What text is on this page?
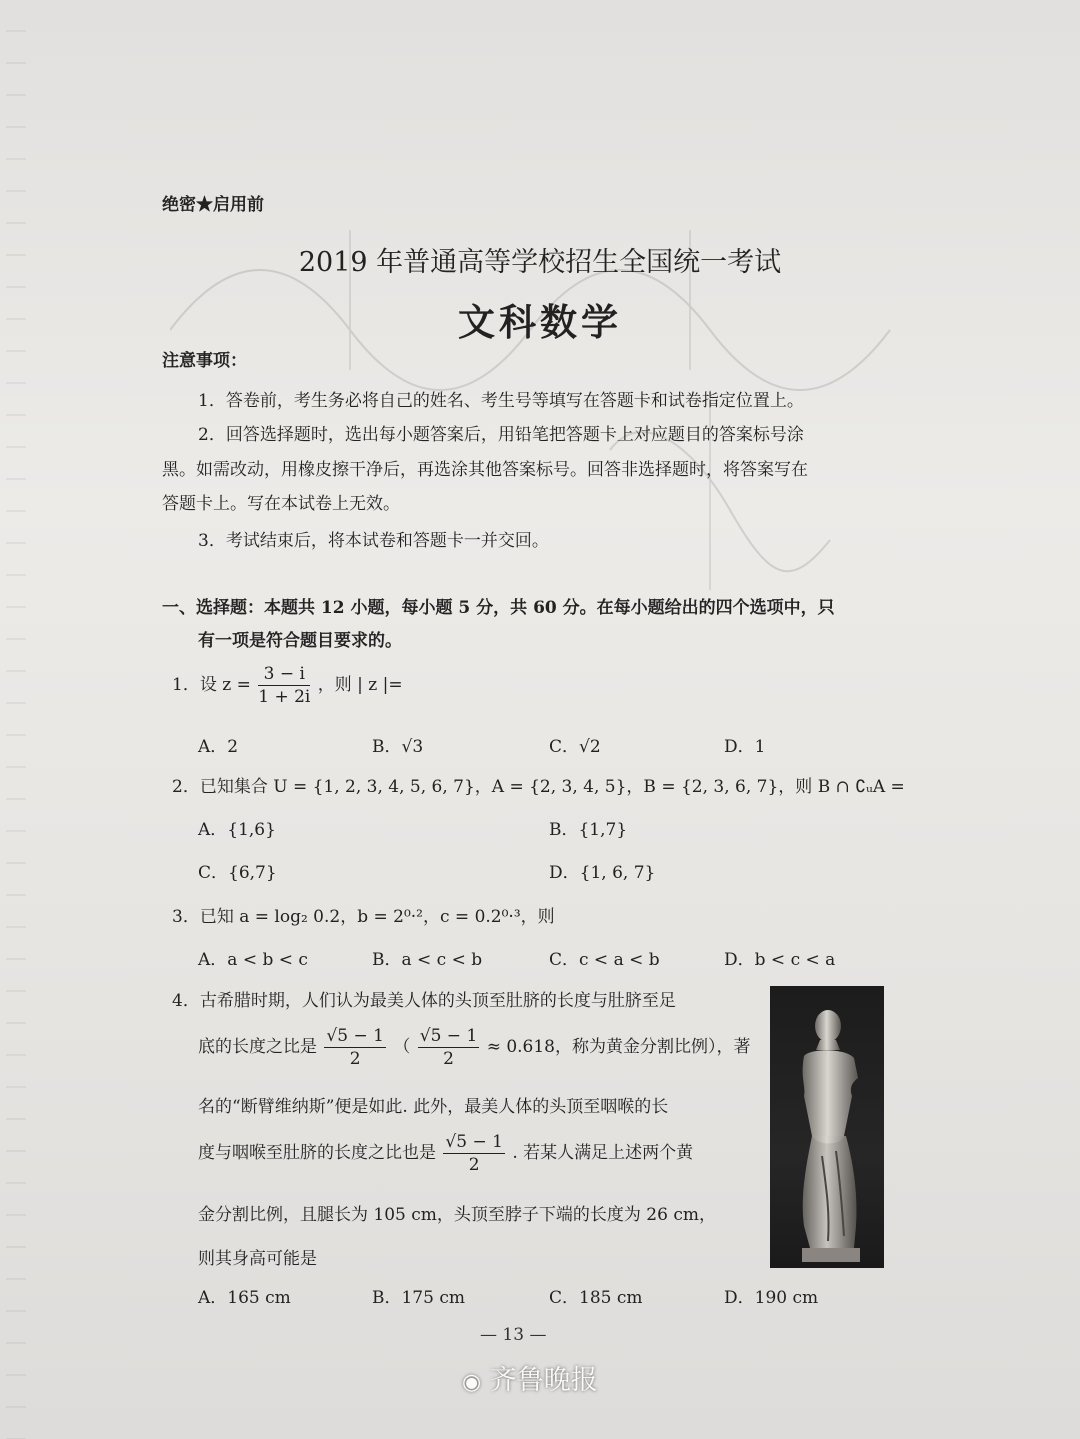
绝密★启用前
2019 年普通高等学校招生全国统一考试
文科数学
注意事项：
1．答卷前，考生务必将自己的姓名、考生号等填写在答题卡和试卷指定位置上。
2．回答选择题时，选出每小题答案后，用铅笔把答题卡上对应题目的答案标号涂
黑。如需改动，用橡皮擦干净后，再选涂其他答案标号。回答非选择题时，将答案写在
答题卡上。写在本试卷上无效。
3．考试结束后，将本试卷和答题卡一并交回。
一、选择题：本题共 12 小题，每小题 5 分，共 60 分。在每小题给出的四个选项中，只
有一项是符合题目要求的。
1．设 $z = \frac{3 - i}{1 + 2i}$ ，则 | z |=
A．2	B．√3	C．√2	D．1
2．已知集合 U = {1, 2, 3, 4, 5, 6, 7}，A = {2, 3, 4, 5}，B = {2, 3, 6, 7}，则 B ∩ ∁ᵤA =
A．{1,6}	B．{1,7}
C．{6,7}	D．{1, 6, 7}
3．已知 a = log₂ 0.2，b = 2⁰·²，c = 0.2⁰·³，则
A．a < b < c	B．a < c < b	C．c < a < b	D．b < c < a
4．古希腊时期，人们认为最美人体的头顶至肚脐的长度与肚脐至足
底的长度之比是 $\frac{√5 - 1}{2}$ （ $\frac{√5 - 1}{2} \approx 0.618$，称为黄金分割比例），著
名的“断臂维纳斯”便是如此. 此外，最美人体的头顶至咽喉的长
度与咽喉至肚脐的长度之比也是 $\frac{√5 - 1}{2}$ . 若某人满足上述两个黄
金分割比例，且腿长为 105 cm，头顶至脖子下端的长度为 26 cm，
则其身高可能是
A．165 cm	B．175 cm	C．185 cm	D．190 cm
— 13 —
◉ 齐鲁晚报
